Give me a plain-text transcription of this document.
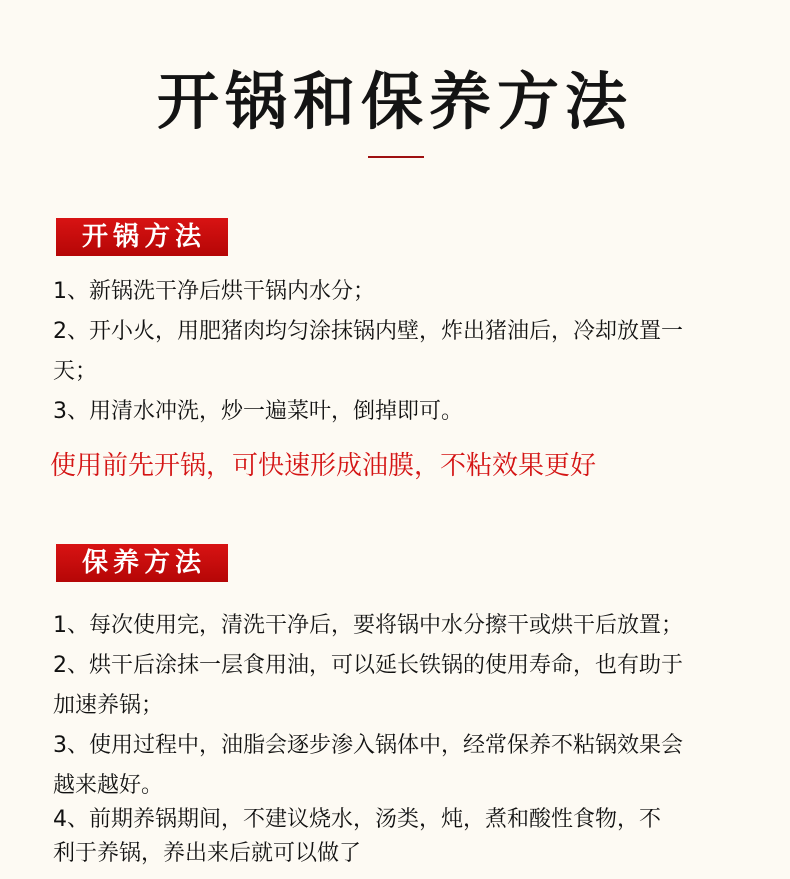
开锅和保养方法
开锅方法
1、新锅洗干净后烘干锅内水分；
2、开小火，用肥猪肉均匀涂抹锅内壁，炸出猪油后，冷却放置一
天；
3、用清水冲洗，炒一遍菜叶，倒掉即可。
使用前先开锅，可快速形成油膜，不粘效果更好
保养方法
1、每次使用完，清洗干净后，要将锅中水分擦干或烘干后放置；
2、烘干后涂抹一层食用油，可以延长铁锅的使用寿命，也有助于
加速养锅；
3、使用过程中，油脂会逐步渗入锅体中，经常保养不粘锅效果会
越来越好。
4、前期养锅期间，不建议烧水，汤类，炖，煮和酸性食物，不
利于养锅，养出来后就可以做了
